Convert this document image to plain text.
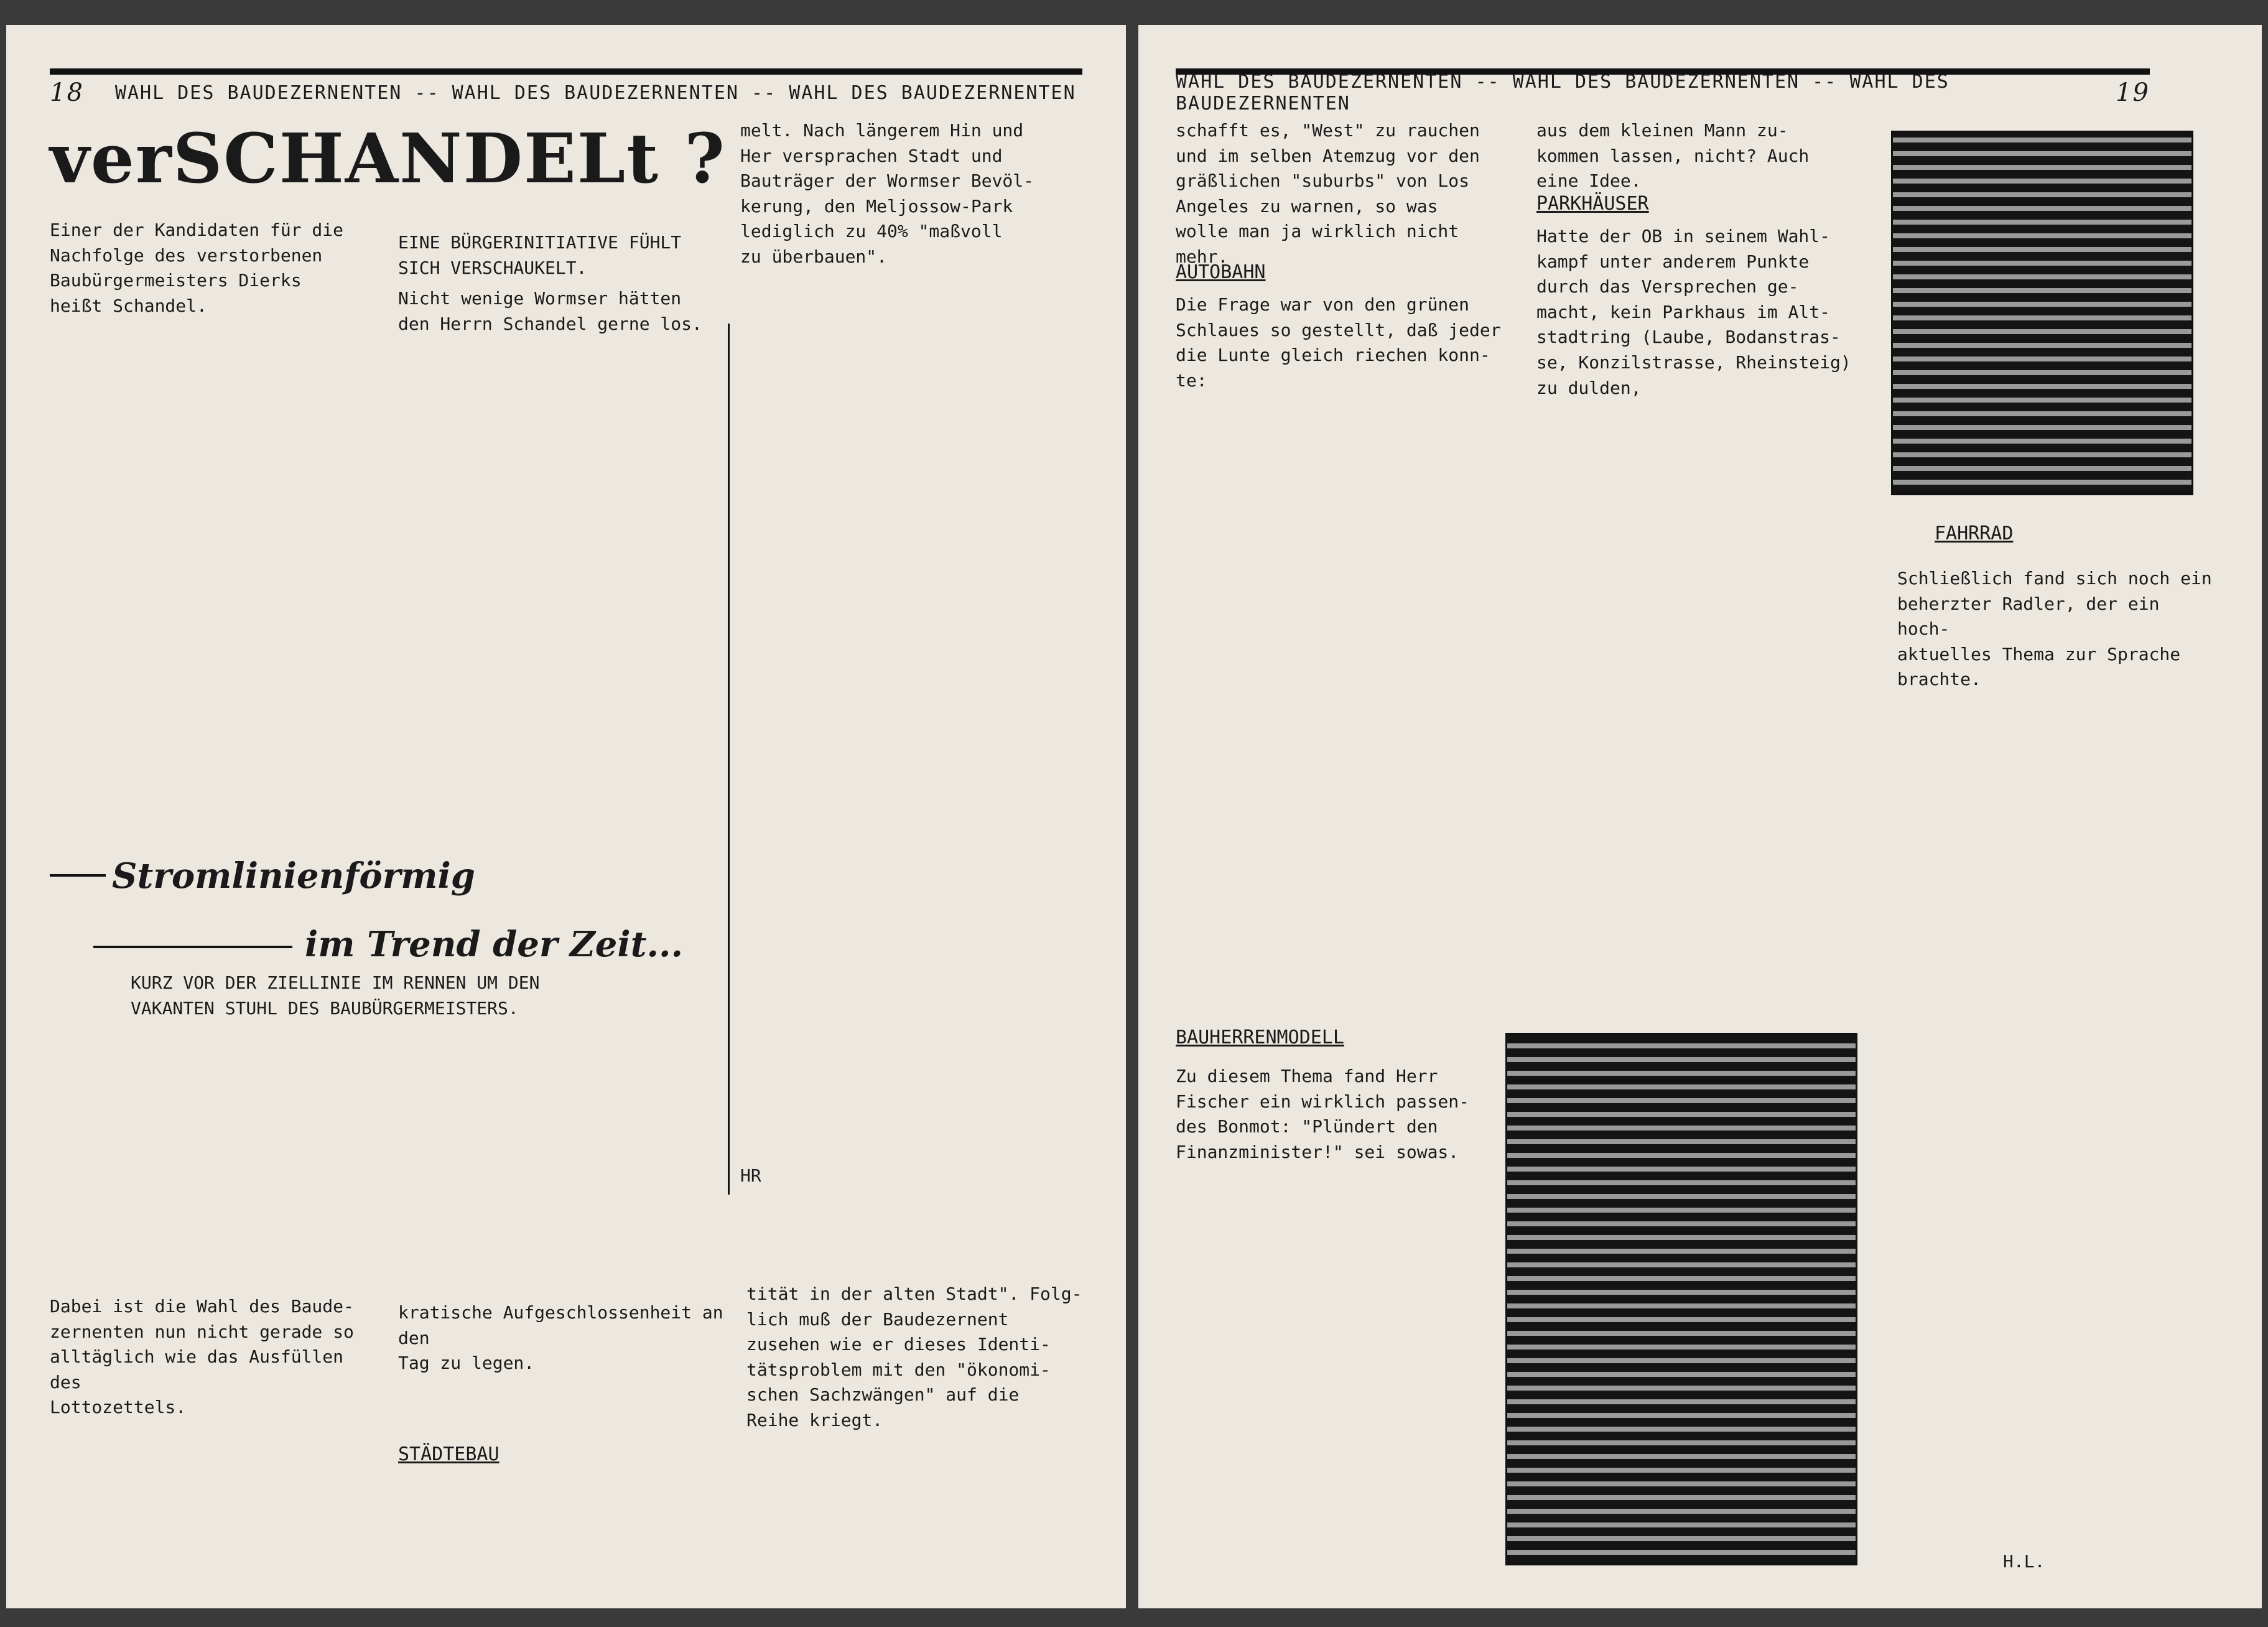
18 WAHL DES BAUDEZERNENTEN -- WAHL DES BAUDEZERNENTEN -- WAHL DES BAUDEZERNENTEN
verSCHANDELt ?

Einer der Kandidaten für die
Nachfolge des verstorbenen
Baubürgermeisters Dierks
heißt Schandel.

EINE BÜRGERINITIATIVE FÜHLT
SICH VERSCHAUKELT.

Nicht wenige Wormser hätten
den Herrn Schandel gerne los.

melt. Nach längerem Hin und
Her versprachen Stadt und
Bauträger der Wormser Bevöl-
kerung, den Meljossow-Park
lediglich zu 40% "maßvoll
zu überbauen".

HR

Stromlinienförmig
im Trend der Zeit...

KURZ VOR DER ZIELLINIE IM RENNEN UM DEN
VAKANTEN STUHL DES BAUBÜRGERMEISTERS.

Dabei ist die Wahl des Baude-
zernenten nun nicht gerade so
alltäglich wie das Ausfüllen des
Lottozettels.

kratische Aufgeschlossenheit an den
Tag zu legen.

STÄDTEBAU

tität in der alten Stadt". Folg-
lich muß der Baudezernent
zusehen wie er dieses Identi-
tätsproblem mit den "ökonomi-
schen Sachzwängen" auf die
Reihe kriegt.

WAHL DES BAUDEZERNENTEN -- WAHL DES BAUDEZERNENTEN -- WAHL DES BAUDEZERNENTEN	19

schafft es, "West" zu rauchen
und im selben Atemzug vor den
gräßlichen "suburbs" von Los
Angeles zu warnen, so was
wolle man ja wirklich nicht
mehr.

AUTOBAHN

Die Frage war von den grünen
Schlaues so gestellt, daß jeder
die Lunte gleich riechen konn-
te:

BAUHERRENMODELL

Zu diesem Thema fand Herr
Fischer ein wirklich passen-
des Bonmot: "Plündert den
Finanzminister!" sei sowas.

aus dem kleinen Mann zu-
kommen lassen, nicht? Auch
eine Idee.

PARKHÄUSER

Hatte der OB in seinem Wahl-
kampf unter anderem Punkte
durch das Versprechen ge-
macht, kein Parkhaus im Alt-
stadtring (Laube, Bodanstras-
se, Konzilstrasse, Rheinsteig)
zu dulden,

FAHRRAD

Schließlich fand sich noch ein
beherzter Radler, der ein hoch-
aktuelles Thema zur Sprache
brachte.

H.L.
